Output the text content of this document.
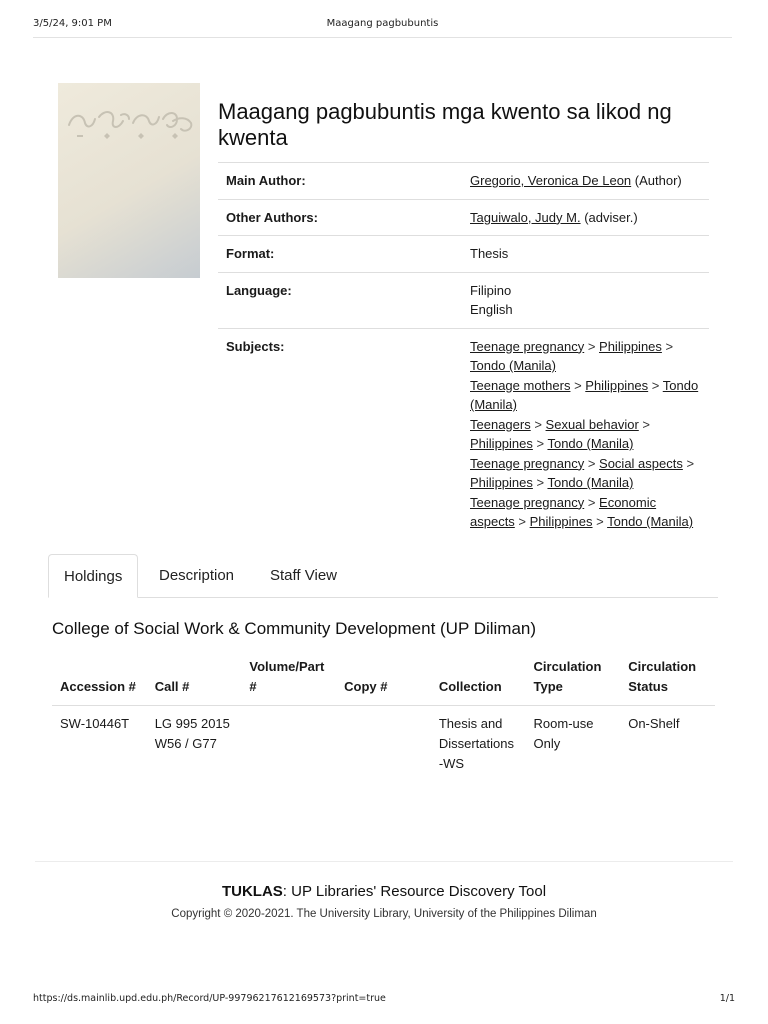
3/5/24, 9:01 PM	Maagang pagbubuntis
Maagang pagbubuntis mga kwento sa likod ng kwenta
Main Author:	Gregorio, Veronica De Leon (Author)
Other Authors:	Taguiwalo, Judy M. (adviser.)
Format:	Thesis
Language:	Filipino
English

Subjects:	Teenage pregnancy > Philippines > Tondo (Manila)
Teenage mothers > Philippines > Tondo (Manila)
Teenagers > Sexual behavior > Philippines > Tondo (Manila)
Teenage pregnancy > Social aspects > Philippines > Tondo (Manila)
Teenage pregnancy > Economic aspects > Philippines > Tondo (Manila)
Holdings	Description	Staff View
College of Social Work & Community Development (UP Diliman)
Accession #	Call #	Volume/Part #	Copy #	Collection	Circulation Type	Circulation Status
SW-10446T	LG 995 2015 W56 / G77			Thesis and Dissertations -WS	Room-use Only	On-Shelf
TUKLAS: UP Libraries' Resource Discovery Tool
Copyright © 2020-2021. The University Library, University of the Philippines Diliman
https://ds.mainlib.upd.edu.ph/Record/UP-99796217612169573?print=true	1/1
